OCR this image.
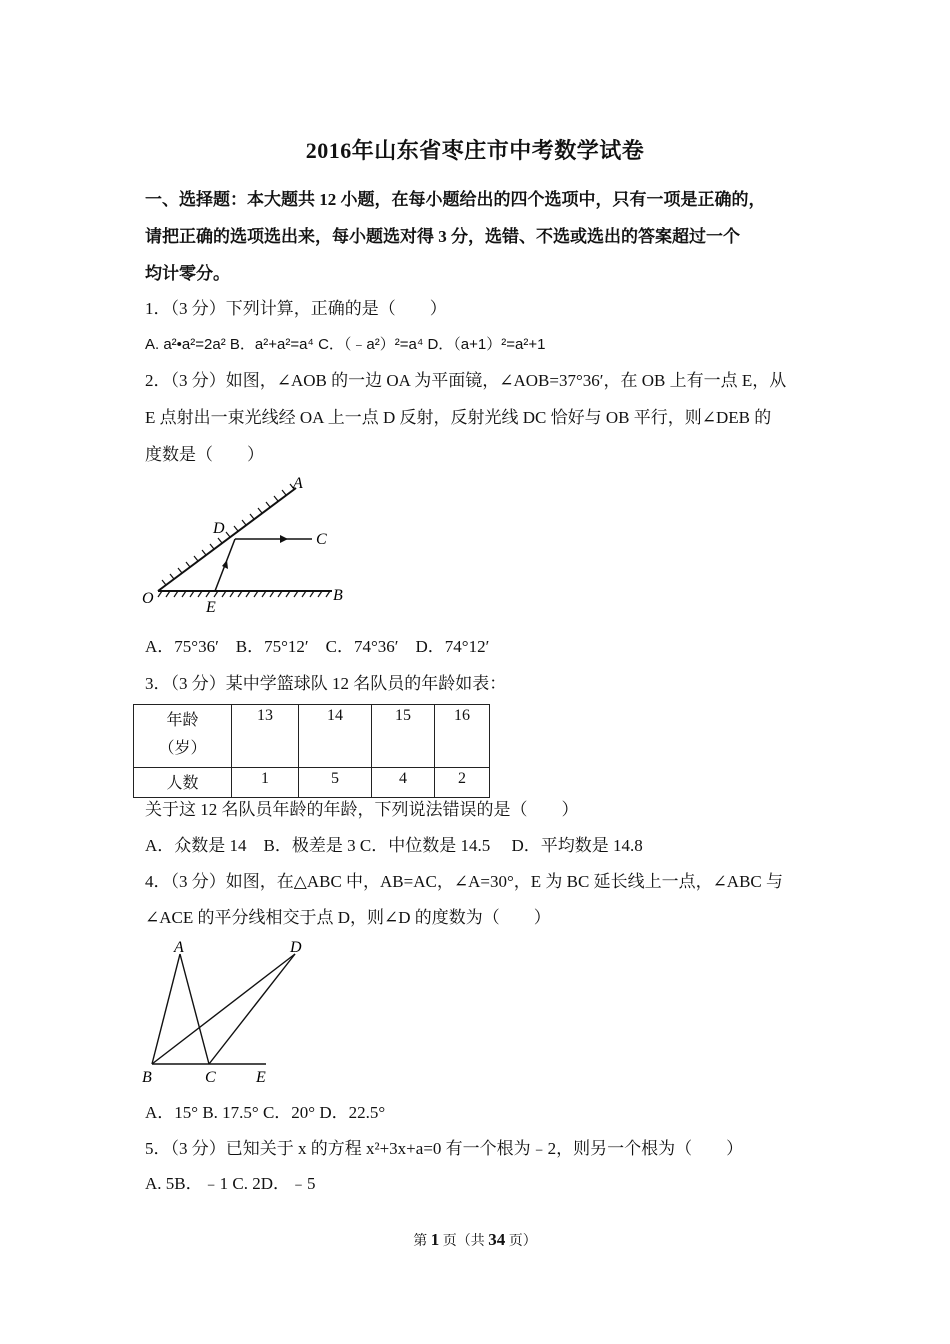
2016年山东省枣庄市中考数学试卷
一、选择题：本大题共 12 小题，在每小题给出的四个选项中，只有一项是正确的，
请把正确的选项选出来，每小题选对得 3 分，选错、不选或选出的答案超过一个
均计零分。
1．（3 分）下列计算，正确的是（　　）
A. a²•a²=2a² B．a²+a²=a⁴ C．（﹣a²）²=a⁴ D．（a+1）²=a²+1
2．（3 分）如图，∠AOB 的一边 OA 为平面镜，∠AOB=37°36′，在 OB 上有一点 E，从
E 点射出一束光线经 OA 上一点 D 反射，反射光线 DC 恰好与 OB 平行，则∠DEB 的
度数是（　　）
O	B
A
D
C
E
A．75°36′　B．75°12′　C．74°36′　D．74°12′
3．（3 分）某中学篮球队 12 名队员的年龄如表：
年龄
（岁）	13	14	15	16
人数	1	5	4	2
关于这 12 名队员年龄的年龄，下列说法错误的是（　　）
A．众数是 14　B．极差是 3 C．中位数是 14.5　 D．平均数是 14.8
4．（3 分）如图，在△ABC 中，AB=AC，∠A=30°，E 为 BC 延长线上一点，∠ABC 与
∠ACE 的平分线相交于点 D，则∠D 的度数为（　　）
A	D
B	C	E
A．15° B. 17.5° C．20° D．22.5°
5．（3 分）已知关于 x 的方程 x²+3x+a=0 有一个根为﹣2，则另一个根为（　　）
A. 5B．﹣1 C. 2D．﹣5
第 1 页（共 34 页）
